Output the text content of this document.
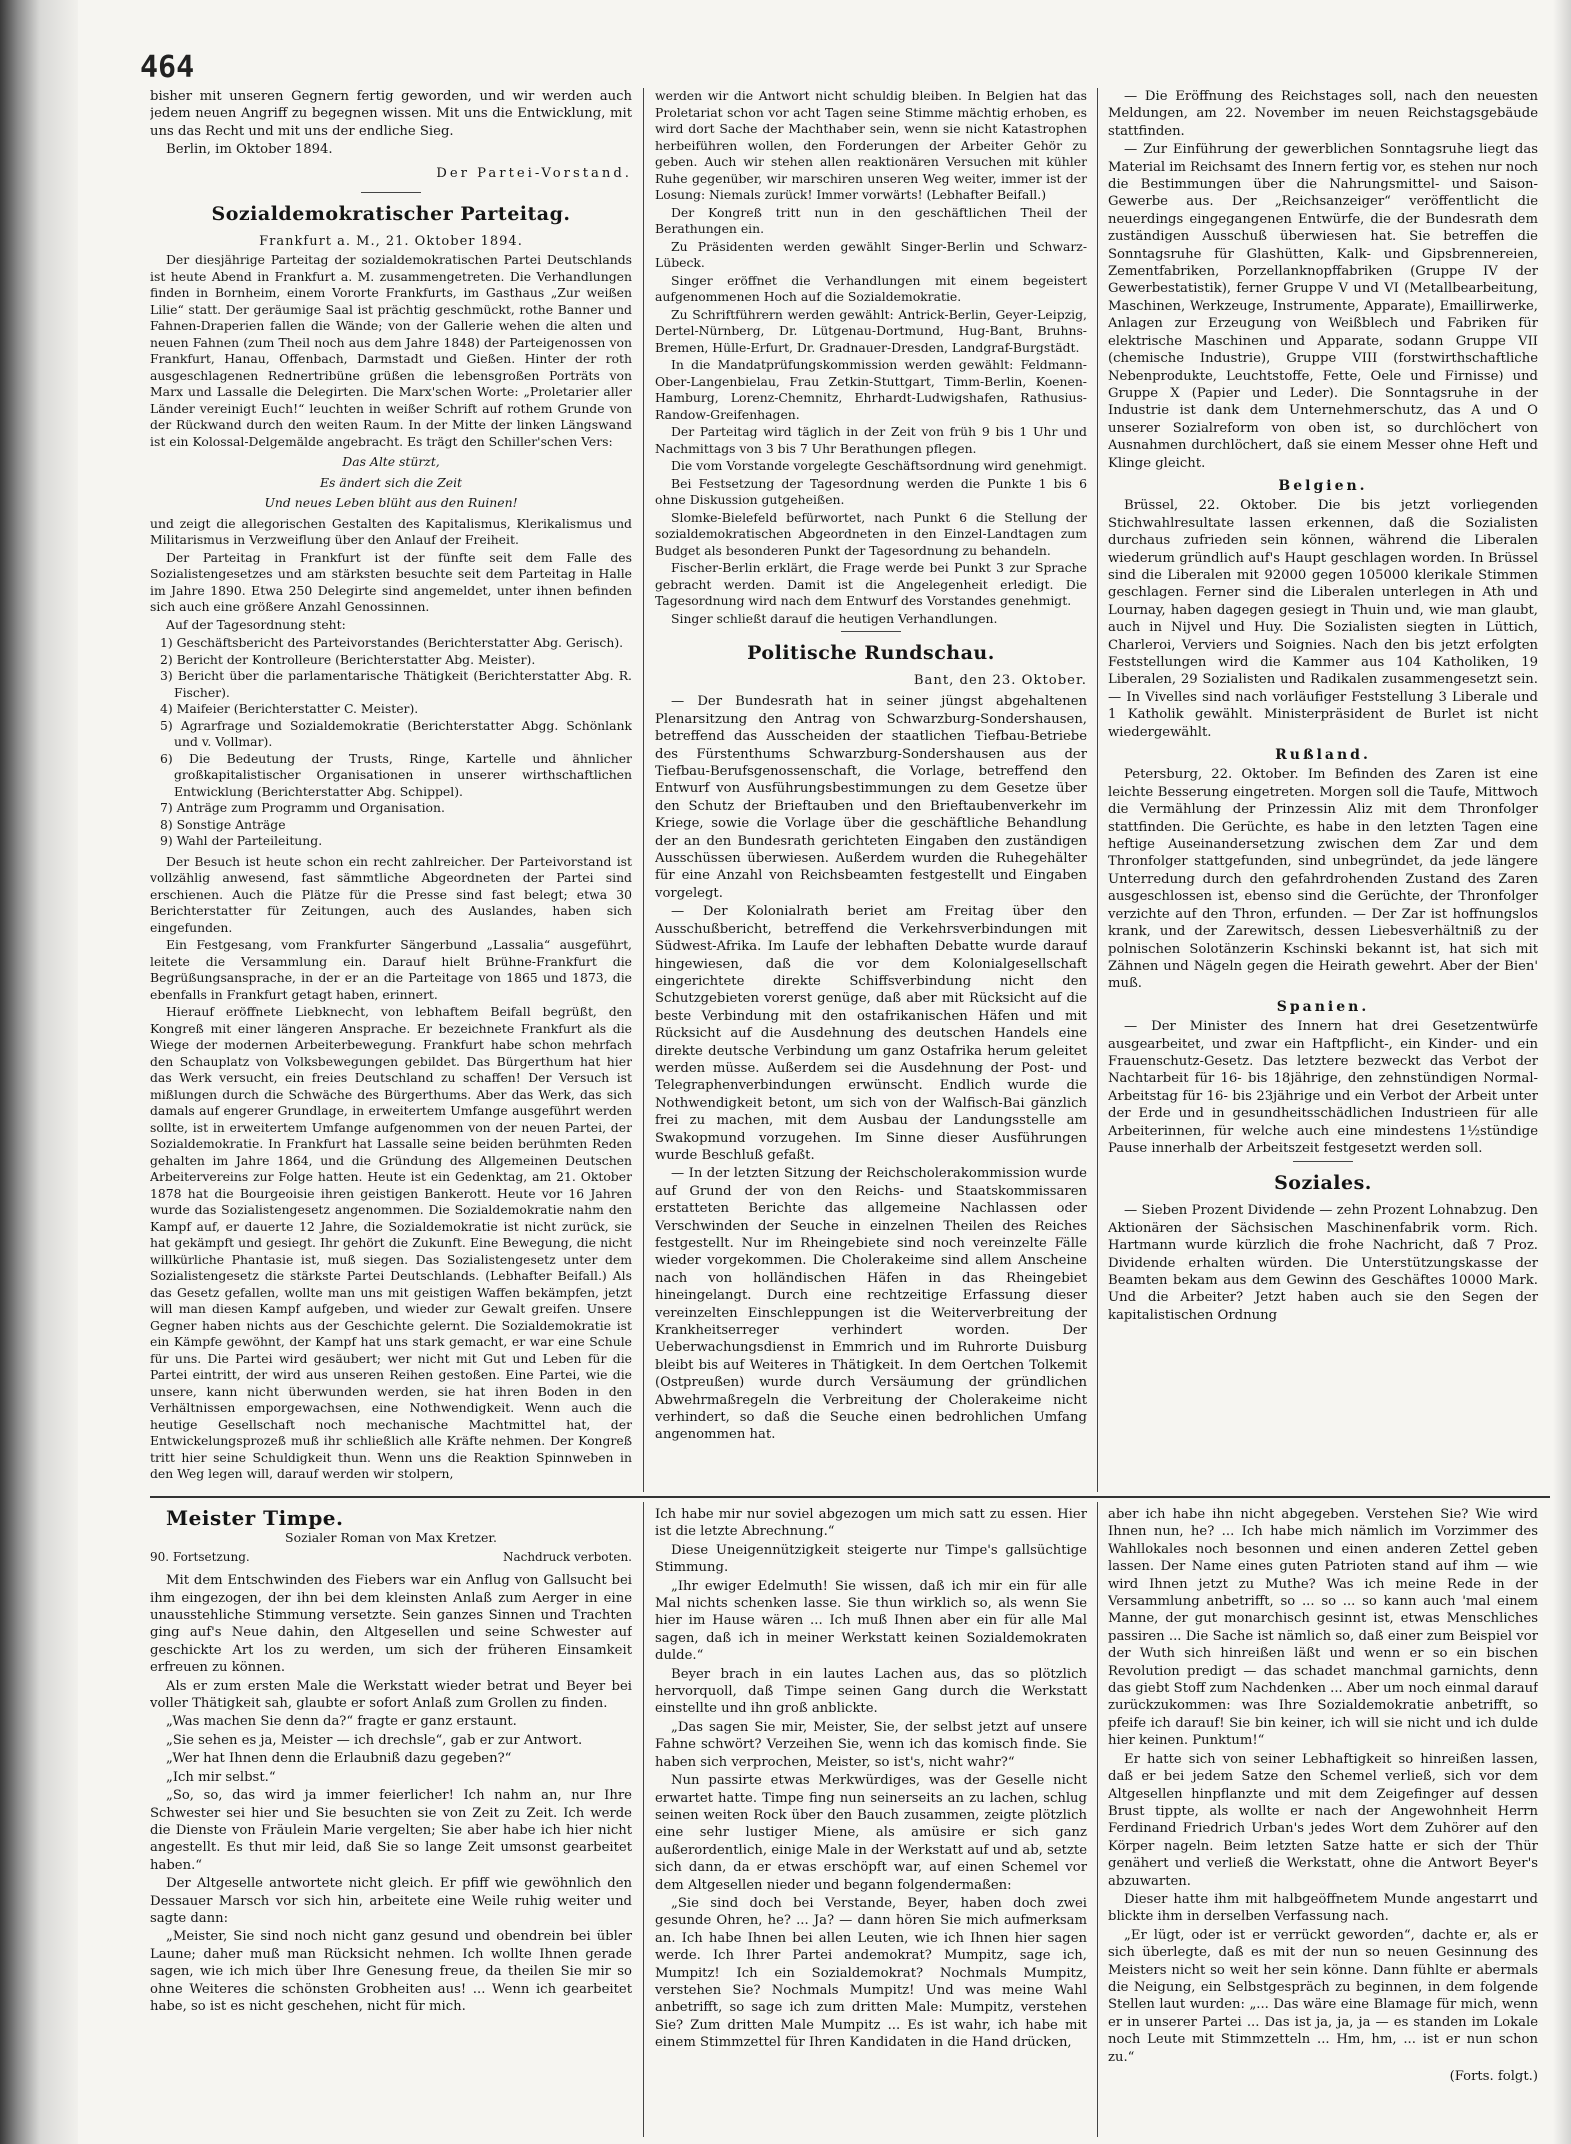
464

bisher mit unseren Gegnern fertig geworden, und wir werden auch jedem neuen Angriff zu begegnen wissen. Mit uns die Entwicklung, mit uns das Recht und mit uns der endliche Sieg.

Berlin, im Oktober 1894.

Der Partei-Vorstand.
Sozialdemokratischer Parteitag.
Frankfurt a. M., 21. Oktober 1894.

Der diesjährige Parteitag der sozialdemokratischen Partei Deutschlands ist heute Abend in Frankfurt a. M. zusammengetreten. Die Verhandlungen finden in Bornheim, einem Vororte Frankfurts, im Gasthaus „Zur weißen Lilie“ statt. Der geräumige Saal ist prächtig geschmückt, rothe Banner und Fahnen-Draperien fallen die Wände; von der Gallerie wehen die alten und neuen Fahnen (zum Theil noch aus dem Jahre 1848) der Parteigenossen von Frankfurt, Hanau, Offenbach, Darmstadt und Gießen. Hinter der roth ausgeschlagenen Rednertribüne grüßen die lebensgroßen Porträts von Marx und Lassalle die Delegirten. Die Marx'schen Worte: „Proletarier aller Länder vereinigt Euch!“ leuchten in weißer Schrift auf rothem Grunde von der Rückwand durch den weiten Raum. In der Mitte der linken Längswand ist ein Kolossal-Delgemälde angebracht. Es trägt den Schiller'schen Vers:

Das Alte stürzt,
Es ändert sich die Zeit
Und neues Leben blüht aus den Ruinen!

und zeigt die allegorischen Gestalten des Kapitalismus, Klerikalismus und Militarismus in Verzweiflung über den Anlauf der Freiheit.

Der Parteitag in Frankfurt ist der fünfte seit dem Falle des Sozialistengesetzes und am stärksten besuchte seit dem Parteitag in Halle im Jahre 1890. Etwa 250 Delegirte sind angemeldet, unter ihnen befinden sich auch eine größere Anzahl Genossinnen.

Auf der Tagesordnung steht:

1) Geschäftsbericht des Parteivorstandes (Berichterstatter Abg. Gerisch).
2) Bericht der Kontrolleure (Berichterstatter Abg. Meister).
3) Bericht über die parlamentarische Thätigkeit (Berichterstatter Abg. R. Fischer).
4) Maifeier (Berichterstatter C. Meister).
5) Agrarfrage und Sozialdemokratie (Berichterstatter Abgg. Schönlank und v. Vollmar).
6) Die Bedeutung der Trusts, Ringe, Kartelle und ähnlicher großkapitalistischer Organisationen in unserer wirthschaftlichen Entwicklung (Berichterstatter Abg. Schippel).
7) Anträge zum Programm und Organisation.
8) Sonstige Anträge
9) Wahl der Parteileitung.

Der Besuch ist heute schon ein recht zahlreicher. Der Parteivorstand ist vollzählig anwesend, fast sämmtliche Abgeordneten der Partei sind erschienen. Auch die Plätze für die Presse sind fast belegt; etwa 30 Berichterstatter für Zeitungen, auch des Auslandes, haben sich eingefunden.

Ein Festgesang, vom Frankfurter Sängerbund „Lassalia“ ausgeführt, leitete die Versammlung ein. Darauf hielt Brühne-Frankfurt die Begrüßungsansprache, in der er an die Parteitage von 1865 und 1873, die ebenfalls in Frankfurt getagt haben, erinnert.

Hierauf eröffnete Liebknecht, von lebhaftem Beifall begrüßt, den Kongreß mit einer längeren Ansprache. Er bezeichnete Frankfurt als die Wiege der modernen Arbeiterbewegung. Frankfurt habe schon mehrfach den Schauplatz von Volksbewegungen gebildet. Das Bürgerthum hat hier das Werk versucht, ein freies Deutschland zu schaffen! Der Versuch ist mißlungen durch die Schwäche des Bürgerthums. Aber das Werk, das sich damals auf engerer Grundlage, in erweitertem Umfange ausgeführt werden sollte, ist in erweitertem Umfange aufgenommen von der neuen Partei, der Sozialdemokratie. In Frankfurt hat Lassalle seine beiden berühmten Reden gehalten im Jahre 1864, und die Gründung des Allgemeinen Deutschen Arbeitervereins zur Folge hatten. Heute ist ein Gedenktag, am 21. Oktober 1878 hat die Bourgeoisie ihren geistigen Bankerott. Heute vor 16 Jahren wurde das Sozialistengesetz angenommen. Die Sozialdemokratie nahm den Kampf auf, er dauerte 12 Jahre, die Sozialdemokratie ist nicht zurück, sie hat gekämpft und gesiegt. Ihr gehört die Zukunft. Eine Bewegung, die nicht willkürliche Phantasie ist, muß siegen. Das Sozialistengesetz unter dem Sozialistengesetz die stärkste Partei Deutschlands. (Lebhafter Beifall.) Als das Gesetz gefallen, wollte man uns mit geistigen Waffen bekämpfen, jetzt will man diesen Kampf aufgeben, und wieder zur Gewalt greifen. Unsere Gegner haben nichts aus der Geschichte gelernt. Die Sozialdemokratie ist ein Kämpfe gewöhnt, der Kampf hat uns stark gemacht, er war eine Schule für uns. Die Partei wird gesäubert; wer nicht mit Gut und Leben für die Partei eintritt, der wird aus unseren Reihen gestoßen. Eine Partei, wie die unsere, kann nicht überwunden werden, sie hat ihren Boden in den Verhältnissen emporgewachsen, eine Nothwendigkeit. Wenn auch die heutige Gesellschaft noch mechanische Machtmittel hat, der Entwickelungsprozeß muß ihr schließlich alle Kräfte nehmen. Der Kongreß tritt hier seine Schuldigkeit thun. Wenn uns die Reaktion Spinnweben in den Weg legen will, darauf werden wir stolpern,

werden wir die Antwort nicht schuldig bleiben. In Belgien hat das Proletariat schon vor acht Tagen seine Stimme mächtig erhoben, es wird dort Sache der Machthaber sein, wenn sie nicht Katastrophen herbeiführen wollen, den Forderungen der Arbeiter Gehör zu geben. Auch wir stehen allen reaktionären Versuchen mit kühler Ruhe gegenüber, wir marschiren unseren Weg weiter, immer ist der Losung: Niemals zurück! Immer vorwärts! (Lebhafter Beifall.)

Der Kongreß tritt nun in den geschäftlichen Theil der Berathungen ein.

Zu Präsidenten werden gewählt Singer-Berlin und Schwarz-Lübeck.

Singer eröffnet die Verhandlungen mit einem begeistert aufgenommenen Hoch auf die Sozialdemokratie.

Zu Schriftführern werden gewählt: Antrick-Berlin, Geyer-Leipzig, Dertel-Nürnberg, Dr. Lütgenau-Dortmund, Hug-Bant, Bruhns-Bremen, Hülle-Erfurt, Dr. Gradnauer-Dresden, Landgraf-Burgstädt.

In die Mandatprüfungskommission werden gewählt: Feldmann-Ober-Langenbielau, Frau Zetkin-Stuttgart, Timm-Berlin, Koenen-Hamburg, Lorenz-Chemnitz, Ehrhardt-Ludwigshafen, Rathusius-Randow-Greifenhagen.

Der Parteitag wird täglich in der Zeit von früh 9 bis 1 Uhr und Nachmittags von 3 bis 7 Uhr Berathungen pflegen.

Die vom Vorstande vorgelegte Geschäftsordnung wird genehmigt.

Bei Festsetzung der Tagesordnung werden die Punkte 1 bis 6 ohne Diskussion gutgeheißen.

Slomke-Bielefeld befürwortet, nach Punkt 6 die Stellung der sozialdemokratischen Abgeordneten in den Einzel-Landtagen zum Budget als besonderen Punkt der Tagesordnung zu behandeln.

Fischer-Berlin erklärt, die Frage werde bei Punkt 3 zur Sprache gebracht werden. Damit ist die Angelegenheit erledigt. Die Tagesordnung wird nach dem Entwurf des Vorstandes genehmigt.

Singer schließt darauf die heutigen Verhandlungen.

Politische Rundschau.
Bant, den 23. Oktober.

— Der Bundesrath hat in seiner jüngst abgehaltenen Plenarsitzung den Antrag von Schwarzburg-Sondershausen, betreffend das Ausscheiden der staatlichen Tiefbau-Betriebe des Fürstenthums Schwarzburg-Sondershausen aus der Tiefbau-Berufsgenossenschaft, die Vorlage, betreffend den Entwurf von Ausführungsbestimmungen zu dem Gesetze über den Schutz der Brieftauben und den Brieftaubenverkehr im Kriege, sowie die Vorlage über die geschäftliche Behandlung der an den Bundesrath gerichteten Eingaben den zuständigen Ausschüssen überwiesen. Außerdem wurden die Ruhegehälter für eine Anzahl von Reichsbeamten festgestellt und Eingaben vorgelegt.

— Der Kolonialrath beriet am Freitag über den Ausschußbericht, betreffend die Verkehrsverbindungen mit Südwest-Afrika. Im Laufe der lebhaften Debatte wurde darauf hingewiesen, daß die vor dem Kolonialgesellschaft eingerichtete direkte Schiffsverbindung nicht den Schutzgebieten vorerst genüge, daß aber mit Rücksicht auf die beste Verbindung mit den ostafrikanischen Häfen und mit Rücksicht auf die Ausdehnung des deutschen Handels eine direkte deutsche Verbindung um ganz Ostafrika herum geleitet werden müsse. Außerdem sei die Ausdehnung der Post- und Telegraphenverbindungen erwünscht. Endlich wurde die Nothwendigkeit betont, um sich von der Walfisch-Bai gänzlich frei zu machen, mit dem Ausbau der Landungsstelle am Swakopmund vorzugehen. Im Sinne dieser Ausführungen wurde Beschluß gefaßt.

— In der letzten Sitzung der Reichscholerakommission wurde auf Grund der von den Reichs- und Staatskommissaren erstatteten Berichte das allgemeine Nachlassen oder Verschwinden der Seuche in einzelnen Theilen des Reiches festgestellt. Nur im Rheingebiete sind noch vereinzelte Fälle wieder vorgekommen. Die Cholerakeime sind allem Anscheine nach von holländischen Häfen in das Rheingebiet hineingelangt. Durch eine rechtzeitige Erfassung dieser vereinzelten Einschleppungen ist die Weiterverbreitung der Krankheitserreger verhindert worden. Der Ueberwachungsdienst in Emmrich und im Ruhrorte Duisburg bleibt bis auf Weiteres in Thätigkeit. In dem Oertchen Tolkemit (Ostpreußen) wurde durch Versäumung der gründlichen Abwehrmaßregeln die Verbreitung der Cholerakeime nicht verhindert, so daß die Seuche einen bedrohlichen Umfang angenommen hat.

— Die Eröffnung des Reichstages soll, nach den neuesten Meldungen, am 22. November im neuen Reichstagsgebäude stattfinden.

— Zur Einführung der gewerblichen Sonntagsruhe liegt das Material im Reichsamt des Innern fertig vor, es stehen nur noch die Bestimmungen über die Nahrungsmittel- und Saison-Gewerbe aus. Der „Reichsanzeiger“ veröffentlicht die neuerdings eingegangenen Entwürfe, die der Bundesrath dem zuständigen Ausschuß überwiesen hat. Sie betreffen die Sonntagsruhe für Glashütten, Kalk- und Gipsbrennereien, Zementfabriken, Porzellanknopffabriken (Gruppe IV der Gewerbestatistik), ferner Gruppe V und VI (Metallbearbeitung, Maschinen, Werkzeuge, Instrumente, Apparate), Emaillirwerke, Anlagen zur Erzeugung von Weißblech und Fabriken für elektrische Maschinen und Apparate, sodann Gruppe VII (chemische Industrie), Gruppe VIII (forstwirthschaftliche Nebenprodukte, Leuchtstoffe, Fette, Oele und Firnisse) und Gruppe X (Papier und Leder). Die Sonntagsruhe in der Industrie ist dank dem Unternehmerschutz, das A und O unserer Sozialreform von oben ist, so durchlöchert von Ausnahmen durchlöchert, daß sie einem Messer ohne Heft und Klinge gleicht.

Belgien.

Brüssel, 22. Oktober. Die bis jetzt vorliegenden Stichwahlresultate lassen erkennen, daß die Sozialisten durchaus zufrieden sein können, während die Liberalen wiederum gründlich auf's Haupt geschlagen worden. In Brüssel sind die Liberalen mit 92000 gegen 105000 klerikale Stimmen geschlagen. Ferner sind die Liberalen unterlegen in Ath und Lournay, haben dagegen gesiegt in Thuin und, wie man glaubt, auch in Nijvel und Huy. Die Sozialisten siegten in Lüttich, Charleroi, Verviers und Soignies. Nach den bis jetzt erfolgten Feststellungen wird die Kammer aus 104 Katholiken, 19 Liberalen, 29 Sozialisten und Radikalen zusammengesetzt sein. — In Vivelles sind nach vorläufiger Feststellung 3 Liberale und 1 Katholik gewählt. Ministerpräsident de Burlet ist nicht wiedergewählt.

Rußland.

Petersburg, 22. Oktober. Im Befinden des Zaren ist eine leichte Besserung eingetreten. Morgen soll die Taufe, Mittwoch die Vermählung der Prinzessin Aliz mit dem Thronfolger stattfinden. Die Gerüchte, es habe in den letzten Tagen eine heftige Auseinandersetzung zwischen dem Zar und dem Thronfolger stattgefunden, sind unbegründet, da jede längere Unterredung durch den gefahrdrohenden Zustand des Zaren ausgeschlossen ist, ebenso sind die Gerüchte, der Thronfolger verzichte auf den Thron, erfunden. — Der Zar ist hoffnungslos krank, und der Zarewitsch, dessen Liebesverhältniß zu der polnischen Solotänzerin Kschinski bekannt ist, hat sich mit Zähnen und Nägeln gegen die Heirath gewehrt. Aber der Bien' muß.

Spanien.

— Der Minister des Innern hat drei Gesetzentwürfe ausgearbeitet, und zwar ein Haftpflicht-, ein Kinder- und ein Frauenschutz-Gesetz. Das letztere bezweckt das Verbot der Nachtarbeit für 16- bis 18jährige, den zehnstündigen Normal-Arbeitstag für 16- bis 23jährige und ein Verbot der Arbeit unter der Erde und in gesundheitsschädlichen Industrieen für alle Arbeiterinnen, für welche auch eine mindestens 1½stündige Pause innerhalb der Arbeitszeit festgesetzt werden soll.

Soziales.

— Sieben Prozent Dividende — zehn Prozent Lohnabzug. Den Aktionären der Sächsischen Maschinenfabrik vorm. Rich. Hartmann wurde kürzlich die frohe Nachricht, daß 7 Proz. Dividende erhalten würden. Die Unterstützungskasse der Beamten bekam aus dem Gewinn des Geschäftes 10000 Mark. Und die Arbeiter? Jetzt haben auch sie den Segen der kapitalistischen Ordnung

Meister Timpe.
Sozialer Roman von Max Kretzer.
90. Fortsetzung.	Nachdruck verboten.

Mit dem Entschwinden des Fiebers war ein Anflug von Gallsucht bei ihm eingezogen, der ihn bei dem kleinsten Anlaß zum Aerger in eine unausstehliche Stimmung versetzte. Sein ganzes Sinnen und Trachten ging auf's Neue dahin, den Altgesellen und seine Schwester auf geschickte Art los zu werden, um sich der früheren Einsamkeit erfreuen zu können.

Als er zum ersten Male die Werkstatt wieder betrat und Beyer bei voller Thätigkeit sah, glaubte er sofort Anlaß zum Grollen zu finden.

„Was machen Sie denn da?“ fragte er ganz erstaunt.

„Sie sehen es ja, Meister — ich drechsle“, gab er zur Antwort.

„Wer hat Ihnen denn die Erlaubniß dazu gegeben?“

„Ich mir selbst.“

„So, so, das wird ja immer feierlicher! Ich nahm an, nur Ihre Schwester sei hier und Sie besuchten sie von Zeit zu Zeit. Ich werde die Dienste von Fräulein Marie vergelten; Sie aber habe ich hier nicht angestellt. Es thut mir leid, daß Sie so lange Zeit umsonst gearbeitet haben.“

Der Altgeselle antwortete nicht gleich. Er pfiff wie gewöhnlich den Dessauer Marsch vor sich hin, arbeitete eine Weile ruhig weiter und sagte dann:

„Meister, Sie sind noch nicht ganz gesund und obendrein bei übler Laune; daher muß man Rücksicht nehmen. Ich wollte Ihnen gerade sagen, wie ich mich über Ihre Genesung freue, da theilen Sie mir so ohne Weiteres die schönsten Grobheiten aus! ... Wenn ich gearbeitet habe, so ist es nicht geschehen, nicht für mich.

Ich habe mir nur soviel abgezogen um mich satt zu essen. Hier ist die letzte Abrechnung.“

Diese Uneigennützigkeit steigerte nur Timpe's gallsüchtige Stimmung.

„Ihr ewiger Edelmuth! Sie wissen, daß ich mir ein für alle Mal nichts schenken lasse. Sie thun wirklich so, als wenn Sie hier im Hause wären ... Ich muß Ihnen aber ein für alle Mal sagen, daß ich in meiner Werkstatt keinen Sozialdemokraten dulde.“

Beyer brach in ein lautes Lachen aus, das so plötzlich hervorquoll, daß Timpe seinen Gang durch die Werkstatt einstellte und ihn groß anblickte.

„Das sagen Sie mir, Meister, Sie, der selbst jetzt auf unsere Fahne schwört? Verzeihen Sie, wenn ich das komisch finde. Sie haben sich verprochen, Meister, so ist's, nicht wahr?“

Nun passirte etwas Merkwürdiges, was der Geselle nicht erwartet hatte. Timpe fing nun seinerseits an zu lachen, schlug seinen weiten Rock über den Bauch zusammen, zeigte plötzlich eine sehr lustiger Miene, als amüsire er sich ganz außerordentlich, einige Male in der Werkstatt auf und ab, setzte sich dann, da er etwas erschöpft war, auf einen Schemel vor dem Altgesellen nieder und begann folgendermaßen:

„Sie sind doch bei Verstande, Beyer, haben doch zwei gesunde Ohren, he? ... Ja? — dann hören Sie mich aufmerksam an. Ich habe Ihnen bei allen Leuten, wie ich Ihnen hier sagen werde. Ich Ihrer Partei andemokrat? Mumpitz, sage ich, Mumpitz! Ich ein Sozialdemokrat? Nochmals Mumpitz, verstehen Sie? Nochmals Mumpitz! Und was meine Wahl anbetrifft, so sage ich zum dritten Male: Mumpitz, verstehen Sie? Zum dritten Male Mumpitz ... Es ist wahr, ich habe mit einem Stimmzettel für Ihren Kandidaten in die Hand drücken,

aber ich habe ihn nicht abgegeben. Verstehen Sie? Wie wird Ihnen nun, he? ... Ich habe mich nämlich im Vorzimmer des Wahllokales noch besonnen und einen anderen Zettel geben lassen. Der Name eines guten Patrioten stand auf ihm — wie wird Ihnen jetzt zu Muthe? Was ich meine Rede in der Versammlung anbetrifft, so ... so ... so kann auch 'mal einem Manne, der gut monarchisch gesinnt ist, etwas Menschliches passiren ... Die Sache ist nämlich so, daß einer zum Beispiel vor der Wuth sich hinreißen läßt und wenn er so ein bischen Revolution predigt — das schadet manchmal garnichts, denn das giebt Stoff zum Nachdenken ... Aber um noch einmal darauf zurückzukommen: was Ihre Sozialdemokratie anbetrifft, so pfeife ich darauf! Sie bin keiner, ich will sie nicht und ich dulde hier keinen. Punktum!“

Er hatte sich von seiner Lebhaftigkeit so hinreißen lassen, daß er bei jedem Satze den Schemel verließ, sich vor dem Altgesellen hinpflanzte und mit dem Zeigefinger auf dessen Brust tippte, als wollte er nach der Angewohnheit Herrn Ferdinand Friedrich Urban's jedes Wort dem Zuhörer auf den Körper nageln. Beim letzten Satze hatte er sich der Thür genähert und verließ die Werkstatt, ohne die Antwort Beyer's abzuwarten.

Dieser hatte ihm mit halbgeöffnetem Munde angestarrt und blickte ihm in derselben Verfassung nach.

„Er lügt, oder ist er verrückt geworden“, dachte er, als er sich überlegte, daß es mit der nun so neuen Gesinnung des Meisters nicht so weit her sein könne. Dann fühlte er abermals die Neigung, ein Selbstgespräch zu beginnen, in dem folgende Stellen laut wurden: „... Das wäre eine Blamage für mich, wenn er in unserer Partei ... Das ist ja, ja, ja — es standen im Lokale noch Leute mit Stimmzetteln ... Hm, hm, ... ist er nun schon zu.“

(Forts. folgt.)
